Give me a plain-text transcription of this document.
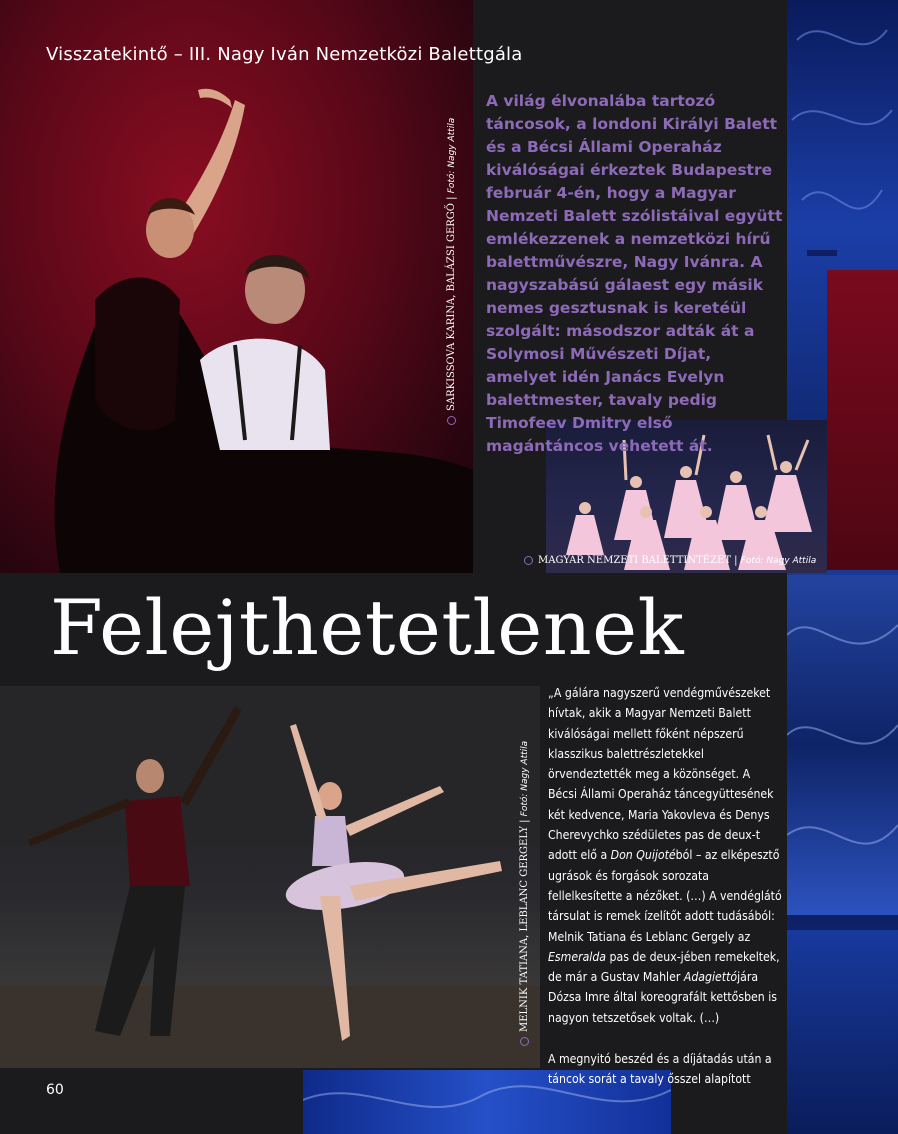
Visszatekintő – III. Nagy Iván Nemzetközi Balettgála
A világ élvonalába tartozó táncosok, a londoni Királyi Balett és a Bécsi Állami Operaház kiválóságai érkeztek Budapestre február 4-én, hogy a Magyar Nemzeti Balett szólistáival együtt emlékezzenek a nemzetközi hírű balettművészre, Nagy Ivánra. A nagyszabású gálaest egy másik nemes gesztusnak is keretéül szolgált: másodszor adták át a Solymosi Művészeti Díjat, amelyet idén Janács Evelyn balettmester, tavaly pedig Timofeev Dmitry első magántáncos vehetett át.
SARKISSOVA KARINA, BALÁZSI GERGŐ | Fotó: Nagy Attila
MAGYAR NEMZETI BALETTINTÉZET | Fotó: Nagy Attila
MELNIK TATIANA, LEBLANC GERGELY | Fotó: Nagy Attila
Felejthetetlenek

„A gálára nagyszerű vendégművészeket hívtak, akik a Magyar Nemzeti Balett kiválóságai mellett főként népszerű klasszikus balettrészletekkel örvendeztették meg a közönséget. A Bécsi Állami Operaház táncegyüttesének két kedvence, Maria Yakovleva és Denys Cherevychko szédületes pas de deux-t adott elő a Don Quijotéból – az elképesztő ugrások és forgások sorozata fellelkesítette a nézőket. (…) A vendéglátó társulat is remek ízelítőt adott tudásából: Melnik Tatiana és Leblanc Gergely az Esmeralda pas de deux-jében remekeltek, de már a Gustav Mahler Adagiettójára Dózsa Imre által koreografált kettősben is nagyon tetszetősek voltak. (…)

A megnyitó beszéd és a díjátadás után a táncok sorát a tavaly ősszel alapított

60
